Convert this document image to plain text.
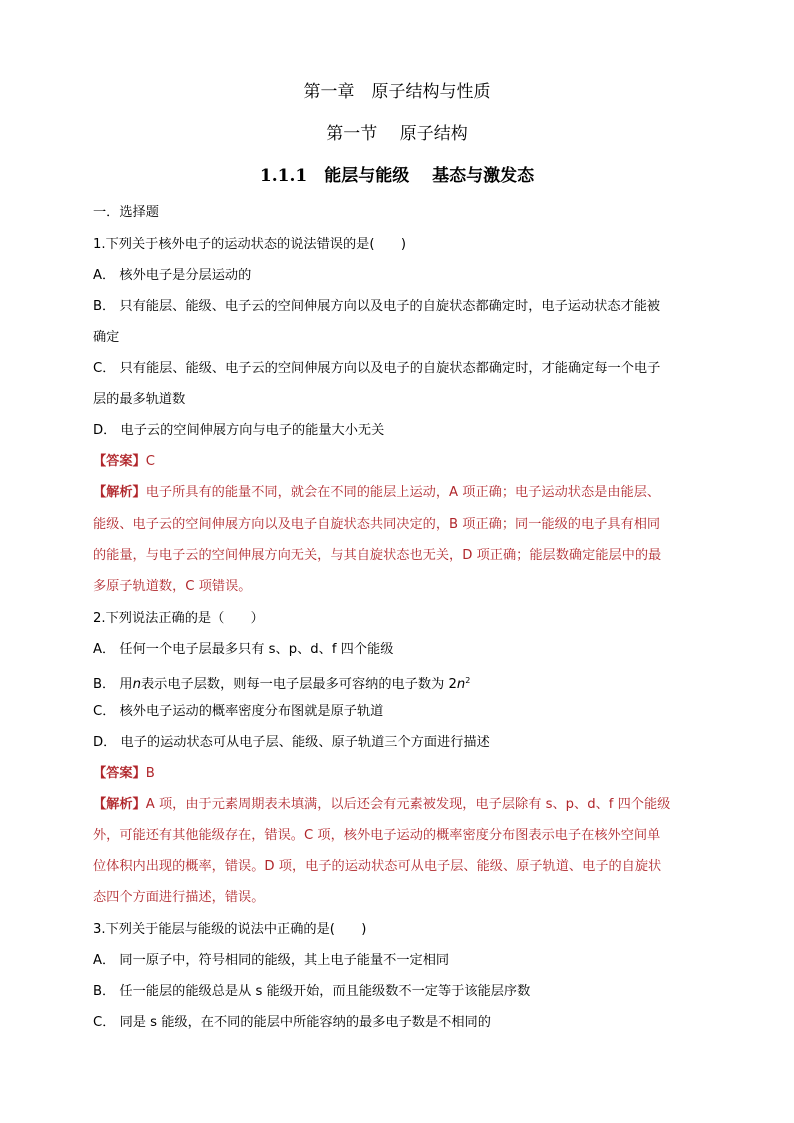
第一章　原子结构与性质
第一节　 原子结构
1.1.1　能层与能级 　基态与激发态
一．选择题
1.下列关于核外电子的运动状态的说法错误的是(　　)
A． 核外电子是分层运动的
B． 只有能层、能级、电子云的空间伸展方向以及电子的自旋状态都确定时，电子运动状态才能被
确定
C． 只有能层、能级、电子云的空间伸展方向以及电子的自旋状态都确定时，才能确定每一个电子
层的最多轨道数
D． 电子云的空间伸展方向与电子的能量大小无关
【答案】C
【解析】电子所具有的能量不同，就会在不同的能层上运动，A 项正确；电子运动状态是由能层、
能级、电子云的空间伸展方向以及电子自旋状态共同决定的，B 项正确；同一能级的电子具有相同
的能量，与电子云的空间伸展方向无关，与其自旋状态也无关，D 项正确；能层数确定能层中的最
多原子轨道数，C 项错误。
2.下列说法正确的是（　　）
A． 任何一个电子层最多只有 s、p、d、f 四个能级
B． 用n表示电子层数，则每一电子层最多可容纳的电子数为 $2n^2$
C． 核外电子运动的概率密度分布图就是原子轨道
D． 电子的运动状态可从电子层、能级、原子轨道三个方面进行描述
【答案】B
【解析】A 项，由于元素周期表未填满，以后还会有元素被发现，电子层除有 s、p、d、f 四个能级
外，可能还有其他能级存在，错误。C 项，核外电子运动的概率密度分布图表示电子在核外空间单
位体积内出现的概率，错误。D 项，电子的运动状态可从电子层、能级、原子轨道、电子的自旋状
态四个方面进行描述，错误。
3.下列关于能层与能级的说法中正确的是(　　)
A． 同一原子中，符号相同的能级，其上电子能量不一定相同
B． 任一能层的能级总是从 s 能级开始，而且能级数不一定等于该能层序数
C． 同是 s 能级，在不同的能层中所能容纳的最多电子数是不相同的
